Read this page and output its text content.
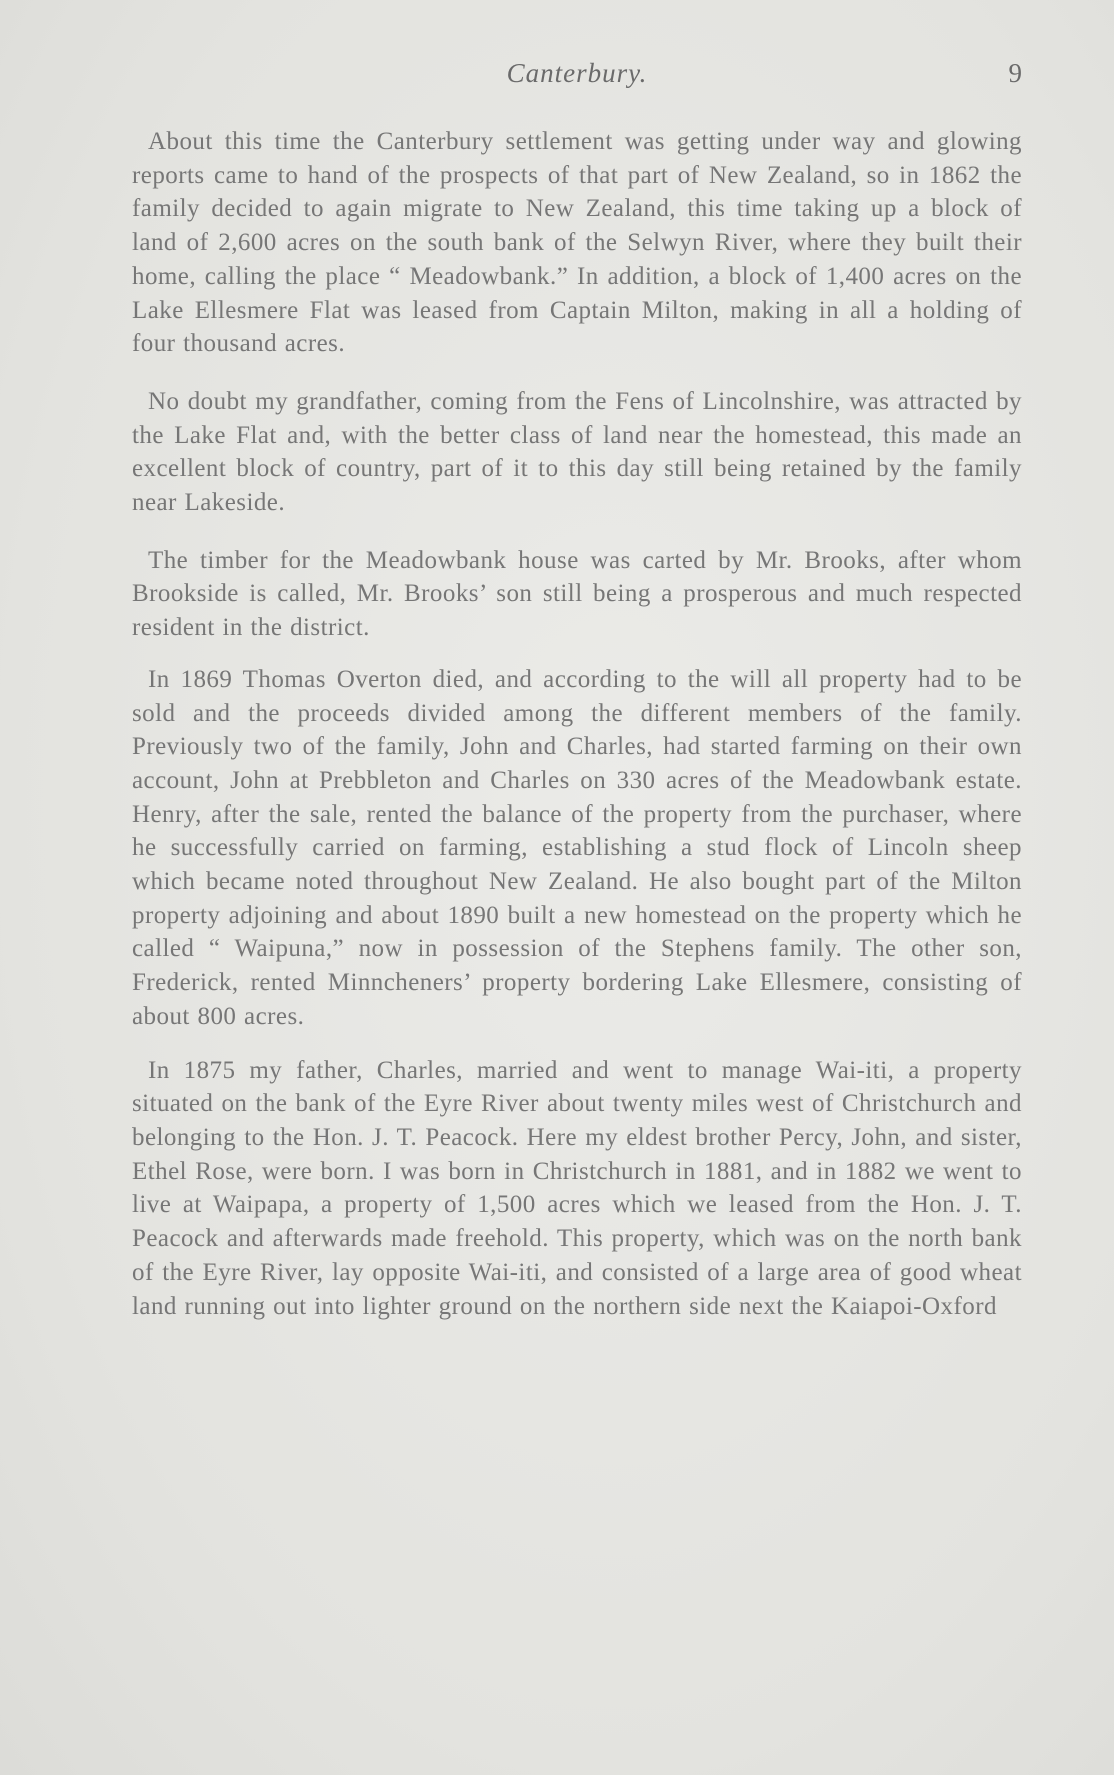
Canterbury.	9

About this time the Canterbury settlement was getting under way and glowing reports came to hand of the prospects of that part of New Zealand, so in 1862 the family decided to again migrate to New Zealand, this time taking up a block of land of 2,600 acres on the south bank of the Selwyn River, where they built their home, calling the place “ Meadowbank.” In addition, a block of 1,400 acres on the Lake Ellesmere Flat was leased from Captain Milton, making in all a holding of four thousand acres.

No doubt my grandfather, coming from the Fens of Lincolnshire, was attracted by the Lake Flat and, with the better class of land near the homestead, this made an excellent block of country, part of it to this day still being retained by the family near Lakeside.

The timber for the Meadowbank house was carted by Mr. Brooks, after whom Brookside is called, Mr. Brooks’ son still being a prosperous and much respected resident in the district.

In 1869 Thomas Overton died, and according to the will all property had to be sold and the proceeds divided among the different members of the family. Previously two of the family, John and Charles, had started farming on their own account, John at Prebbleton and Charles on 330 acres of the Meadowbank estate. Henry, after the sale, rented the balance of the property from the purchaser, where he successfully carried on farming, establishing a stud flock of Lincoln sheep which became noted throughout New Zealand. He also bought part of the Milton property adjoining and about 1890 built a new homestead on the property which he called “ Waipuna,” now in possession of the Stephens family. The other son, Frederick, rented Minncheners’ property bordering Lake Ellesmere, consisting of about 800 acres.

In 1875 my father, Charles, married and went to manage Wai-iti, a property situated on the bank of the Eyre River about twenty miles west of Christchurch and belonging to the Hon. J. T. Peacock. Here my eldest brother Percy, John, and sister, Ethel Rose, were born. I was born in Christchurch in 1881, and in 1882 we went to live at Waipapa, a property of 1,500 acres which we leased from the Hon. J. T. Peacock and afterwards made freehold. This property, which was on the north bank of the Eyre River, lay opposite Wai-iti, and consisted of a large area of good wheat land running out into lighter ground on the northern side next the Kaiapoi-Oxford
